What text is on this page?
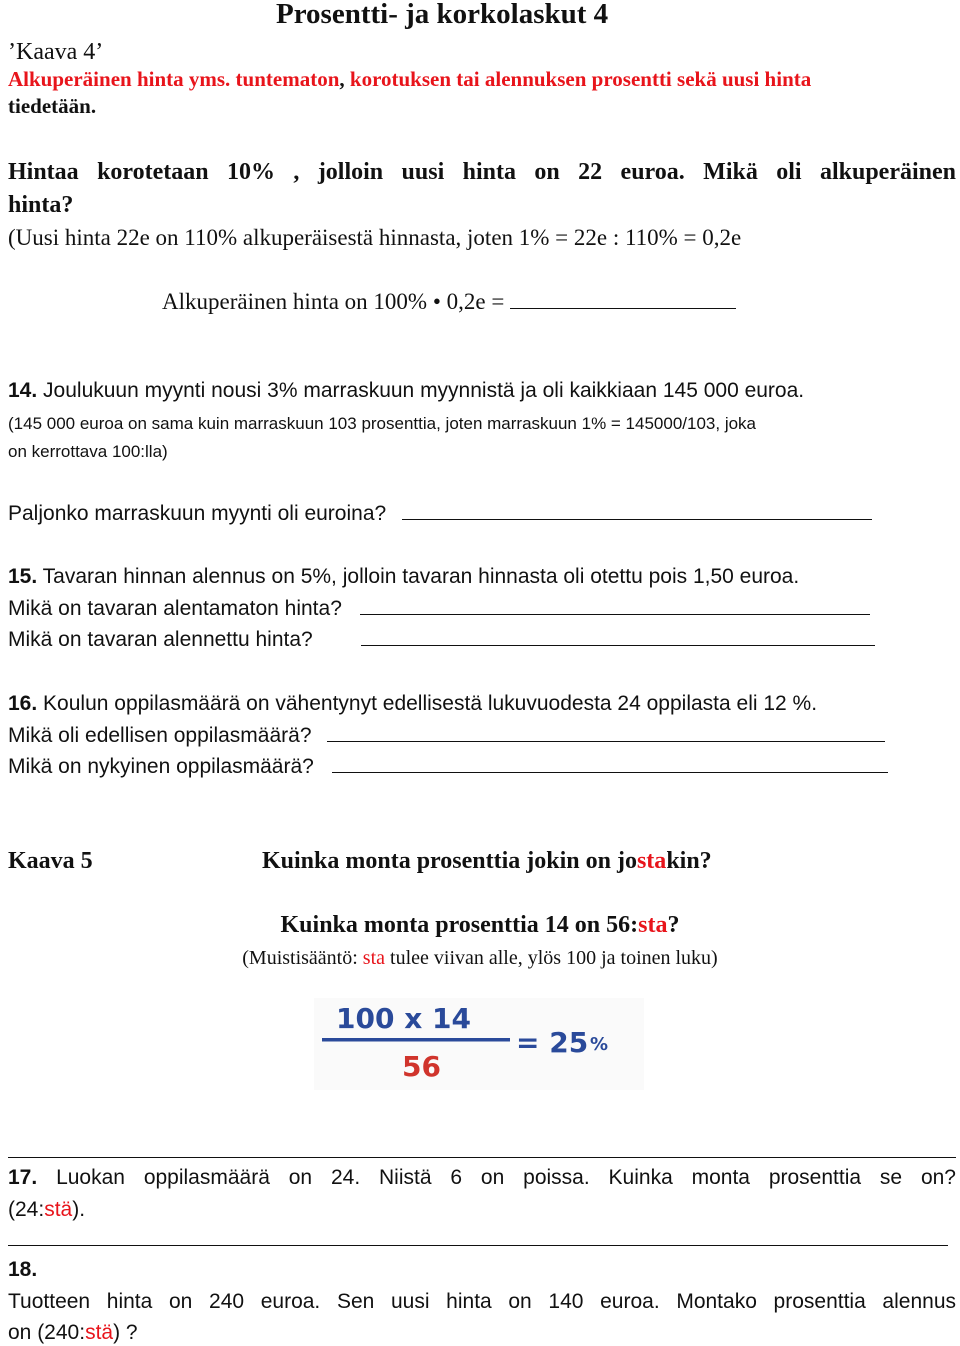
Prosentti- ja korkolaskut 4
’Kaava 4’
Alkuperäinen hinta yms. tuntematon, korotuksen tai alennuksen prosentti sekä uusi hinta
tiedetään.
Hintaa korotetaan 10% , jolloin uusi hinta on 22 euroa. Mikä oli alkuperäinen
hinta?
(Uusi hinta 22e on 110% alkuperäisestä hinnasta, joten 1% = 22e : 110% = 0,2e
Alkuperäinen hinta on 100% • 0,2e =
14. Joulukuun myynti nousi 3% marraskuun myynnistä ja oli kaikkiaan 145 000 euroa.
(145 000 euroa on sama kuin marraskuun 103 prosenttia, joten marraskuun 1% = 145000/103, joka
on kerrottava 100:lla)
Paljonko marraskuun myynti oli euroina?
15. Tavaran hinnan alennus on 5%, jolloin tavaran hinnasta oli otettu pois 1,50 euroa.
Mikä on tavaran alentamaton hinta?
Mikä on tavaran alennettu hinta?
16. Koulun oppilasmäärä on vähentynyt edellisestä lukuvuodesta 24 oppilasta eli 12 %.
Mikä oli edellisen oppilasmäärä?
Mikä on nykyinen oppilasmäärä?
Kaava 5	Kuinka monta prosenttia jokin on jostakin?
Kuinka monta prosenttia 14 on 56:sta?
(Muistisääntö: sta tulee viivan alle, ylös 100 ja toinen luku)
100 x 14
56
= 25 %
17. Luokan oppilasmäärä on 24. Niistä 6 on poissa. Kuinka monta prosenttia se on?
(24:stä).
18.
Tuotteen hinta on 240 euroa. Sen uusi hinta on 140 euroa. Montako prosenttia alennus
on (240:stä) ?
